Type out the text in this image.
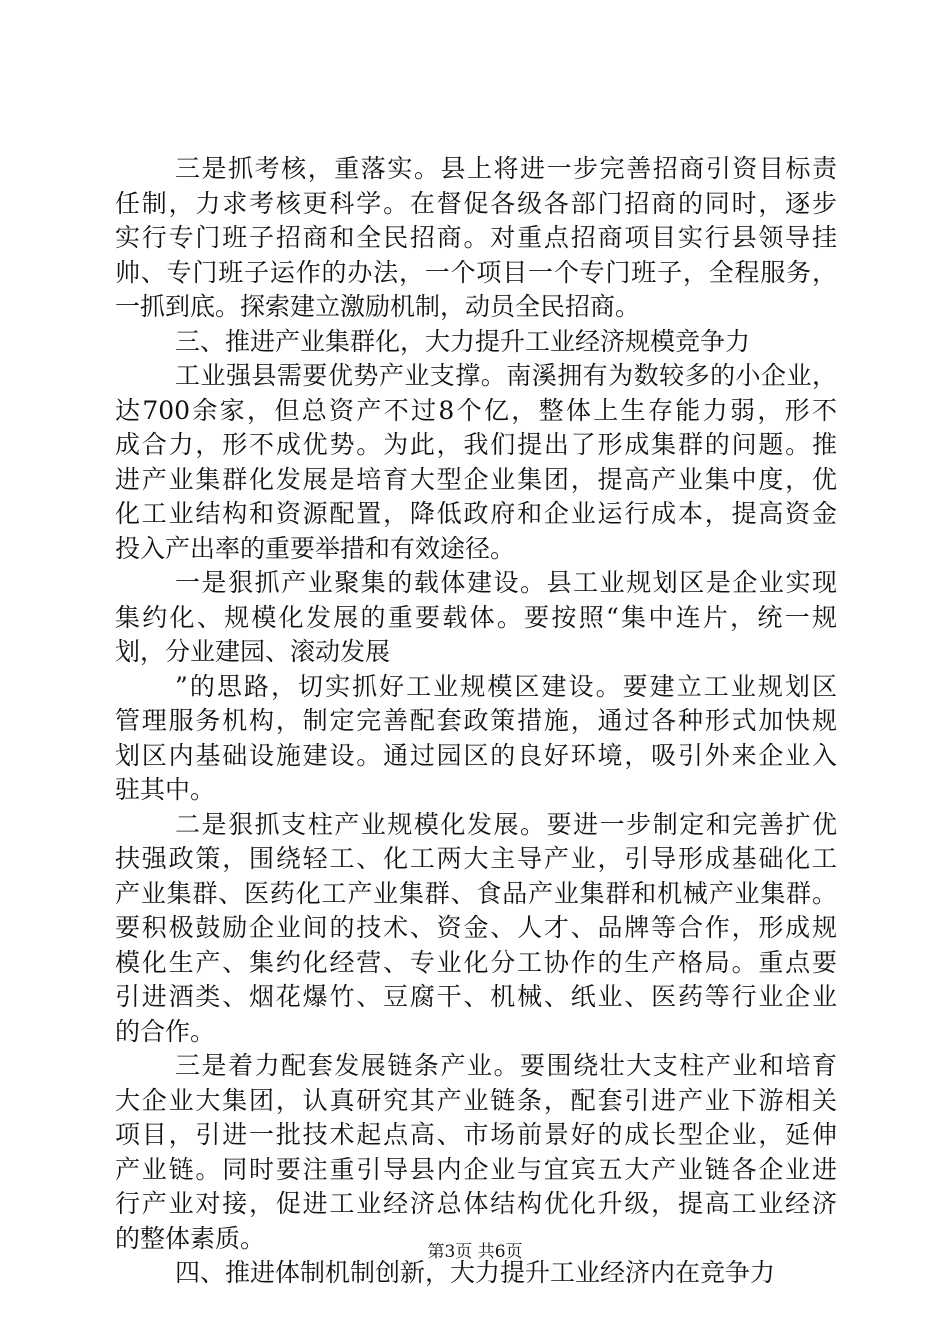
三是抓考核，重落实。县上将进一步完善招商引资目标责
任制，力求考核更科学。在督促各级各部门招商的同时，逐步
实行专门班子招商和全民招商。对重点招商项目实行县领导挂
帅、专门班子运作的办法，一个项目一个专门班子，全程服务，
一抓到底。探索建立激励机制，动员全民招商。
三、推进产业集群化，大力提升工业经济规模竞争力
工业强县需要优势产业支撑。南溪拥有为数较多的小企业，
达700余家，但总资产不过8个亿，整体上生存能力弱，形不
成合力，形不成优势。为此，我们提出了形成集群的问题。推
进产业集群化发展是培育大型企业集团，提高产业集中度，优
化工业结构和资源配置，降低政府和企业运行成本，提高资金
投入产出率的重要举措和有效途径。
一是狠抓产业聚集的载体建设。县工业规划区是企业实现
集约化、规模化发展的重要载体。要按照“集中连片，统一规
划，分业建园、滚动发展
”的思路，切实抓好工业规模区建设。要建立工业规划区
管理服务机构，制定完善配套政策措施，通过各种形式加快规
划区内基础设施建设。通过园区的良好环境，吸引外来企业入
驻其中。
二是狠抓支柱产业规模化发展。要进一步制定和完善扩优
扶强政策，围绕轻工、化工两大主导产业，引导形成基础化工
产业集群、医药化工产业集群、食品产业集群和机械产业集群。
要积极鼓励企业间的技术、资金、人才、品牌等合作，形成规
模化生产、集约化经营、专业化分工协作的生产格局。重点要
引进酒类、烟花爆竹、豆腐干、机械、纸业、医药等行业企业
的合作。
三是着力配套发展链条产业。要围绕壮大支柱产业和培育
大企业大集团，认真研究其产业链条，配套引进产业下游相关
项目，引进一批技术起点高、市场前景好的成长型企业，延伸
产业链。同时要注重引导县内企业与宜宾五大产业链各企业进
行产业对接，促进工业经济总体结构优化升级，提高工业经济
的整体素质。
四、推进体制机制创新，大力提升工业经济内在竞争力
第3页 共6页
